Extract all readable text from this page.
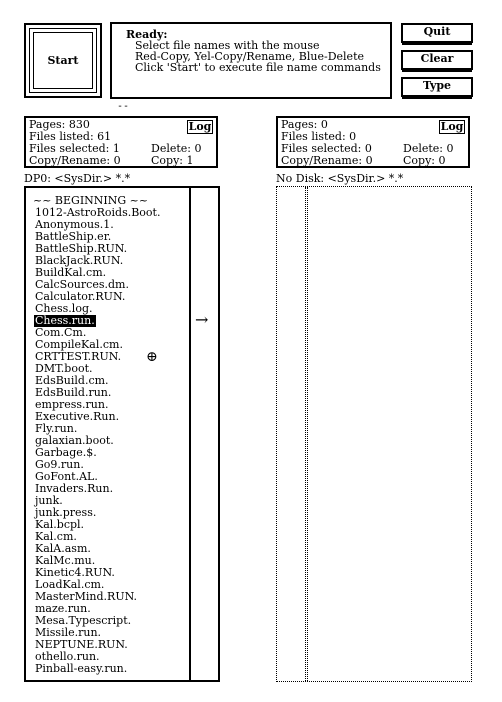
Start
Ready:
Select file names with the mouse
Red-Copy, Yel-Copy/Rename, Blue-Delete
Click 'Start' to execute file name commands
Quit
Clear
Type
--
Pages: 830
Files listed: 61
Files selected: 1	Delete: 0
Copy/Rename: 0	Copy: 1
Log	Pages: 0
Files listed: 0
Files selected: 0	Delete: 0
Copy/Rename: 0	Copy: 0
Log
DP0: <SysDir.> *.*	No Disk: <SysDir.> *.*
~~ BEGINNING ~~
1012-AstroRoids.Boot.
Anonymous.1.
BattleShip.er.
BattleShip.RUN.
BlackJack.RUN.
BuildKal.cm.
CalcSources.dm.
Calculator.RUN.
Chess.log.
Chess.run.
Com.Cm.
CompileKal.cm.
CRTTEST.RUN.
DMT.boot.
EdsBuild.cm.
EdsBuild.run.
empress.run.
Executive.Run.
Fly.run.
galaxian.boot.
Garbage.$.
Go9.run.
GoFont.AL.
Invaders.Run.
junk.
junk.press.
Kal.bcpl.
Kal.cm.
KalA.asm.
KalMc.mu.
Kinetic4.RUN.
LoadKal.cm.
MasterMind.RUN.
maze.run.
Mesa.Typescript.
Missile.run.
NEPTUNE.RUN.
othello.run.
Pinball-easy.run.
→
⊕
